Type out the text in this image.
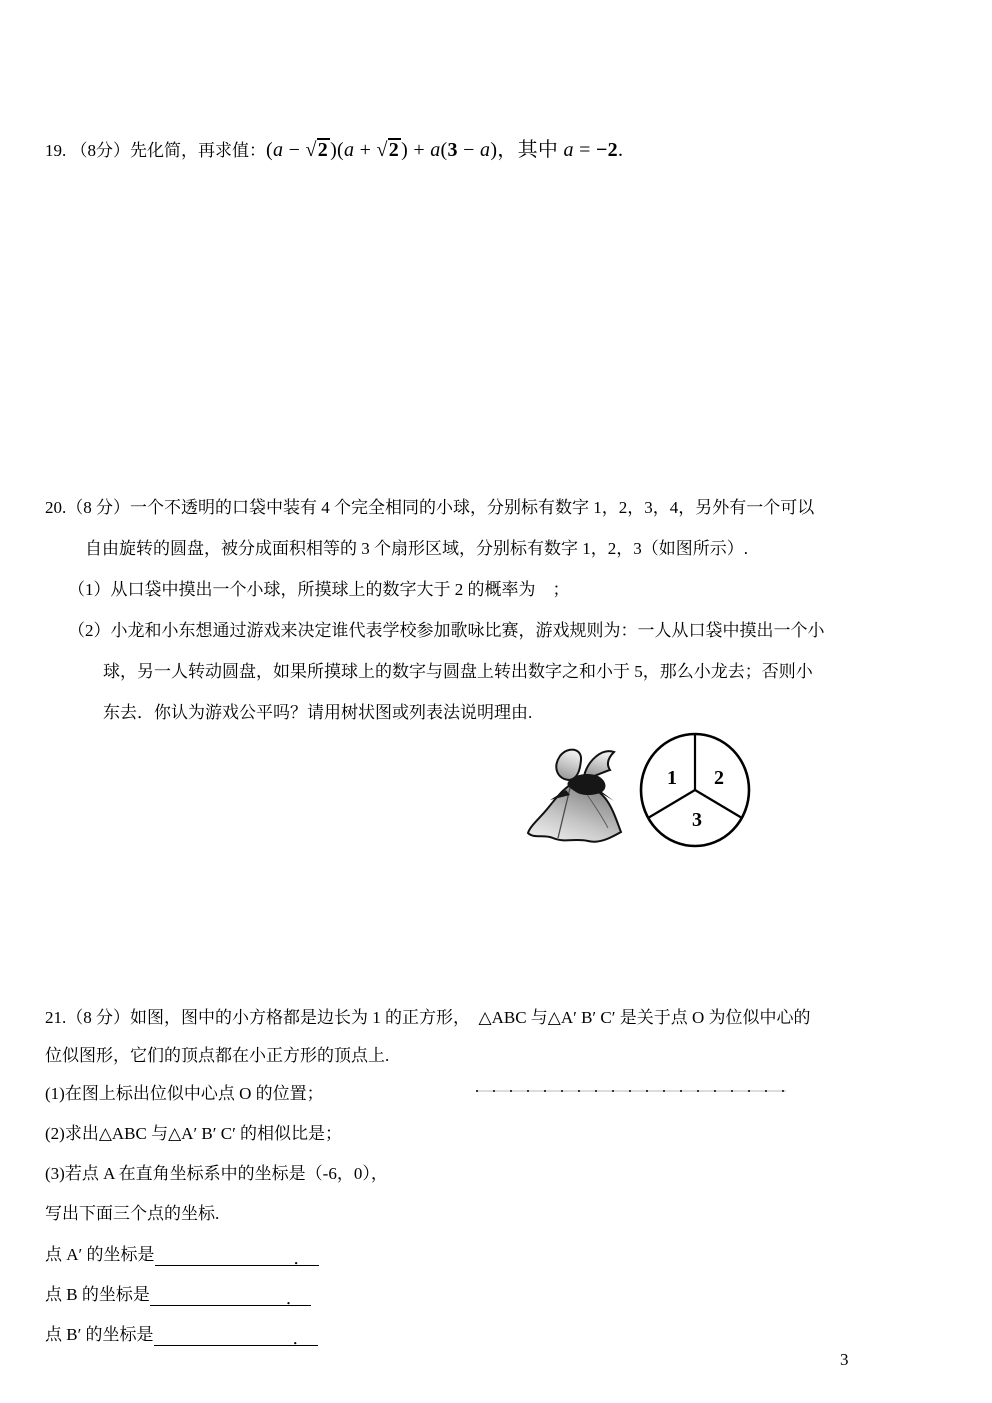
19. （8分）先化简，再求值：(a − √2 )(a + √2 ) + a(3 − a)，其中 a = −2.
20.（8 分）一个不透明的口袋中装有 4 个完全相同的小球，分别标有数字 1，2，3，4，另外有一个可以
自由旋转的圆盘，被分成面积相等的 3 个扇形区域，分别标有数字 1，2，3（如图所示）.
（1）从口袋中摸出一个小球，所摸球上的数字大于 2 的概率为　；
（2）小龙和小东想通过游戏来决定谁代表学校参加歌咏比赛，游戏规则为：一人从口袋中摸出一个小
球，另一人转动圆盘，如果所摸球上的数字与圆盘上转出数字之和小于 5，那么小龙去；否则小
东去．你认为游戏公平吗？请用树状图或列表法说明理由.
1 2
3
21.（8 分）如图，图中的小方格都是边长为 1 的正方形，　△ABC 与△A′ B′ C′ 是关于点 O 为位似中心的
位似图形，它们的顶点都在小正方形的顶点上.
(1)在图上标出位似中心点 O 的位置；
(2)求出△ABC 与△A′ B′ C′ 的相似比是；
(3)若点 A 在直角坐标系中的坐标是（-6，0），
写出下面三个点的坐标.
点 A′ 的坐标是	．
点 B 的坐标是	．
点 B′ 的坐标是	．
3
